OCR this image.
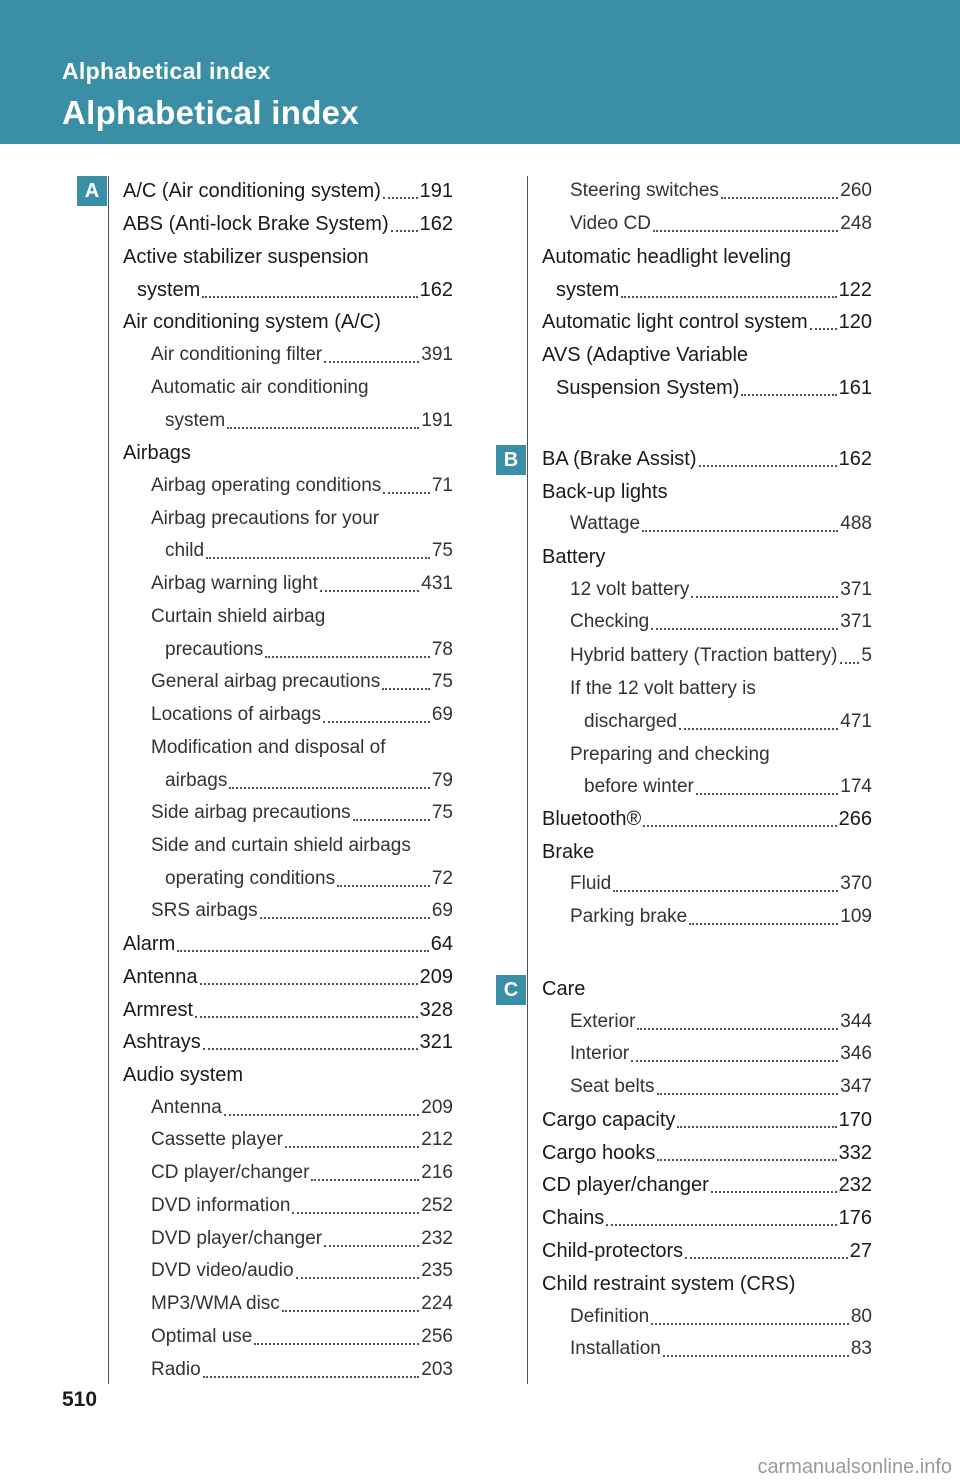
Alphabetical index
Alphabetical index
A
B
C
A/C (Air conditioning system) 191
ABS (Anti-lock Brake System) 162
Active stabilizer suspension
system	162
Air conditioning system (A/C)
Air conditioning filter	391
Automatic air conditioning
system	191
Airbags
Airbag operating conditions	71
Airbag precautions for your
child	75
Airbag warning light	431
Curtain shield airbag
precautions	78
General airbag precautions	75
Locations of airbags	69
Modification and disposal of
airbags	79
Side airbag precautions	75
Side and curtain shield airbags
operating conditions	72
SRS airbags	69
Alarm	64
Antenna	209
Armrest	328
Ashtrays	321
Audio system
Antenna	209
Cassette player	212
CD player/changer	216
DVD information	252
DVD player/changer	232
DVD video/audio	235
MP3/WMA disc	224
Optimal use	256
Radio	203
Steering switches	260
Video CD	248
Automatic headlight leveling
system	122
Automatic light control system 120
AVS (Adaptive Variable
Suspension System)	161
BA (Brake Assist)	162
Back-up lights
Wattage	488
Battery
12 volt battery	371
Checking	371
Hybrid battery (Traction battery) 5
If the 12 volt battery is
discharged	471
Preparing and checking
before winter	174
Bluetooth®	266
Brake
Fluid	370
Parking brake	109
Care
Exterior	344
Interior	346
Seat belts	347
Cargo capacity	170
Cargo hooks	332
CD player/changer	232
Chains	176
Child-protectors	27
Child restraint system (CRS)
Definition	80
Installation	83
510
carmanualsonline.info
